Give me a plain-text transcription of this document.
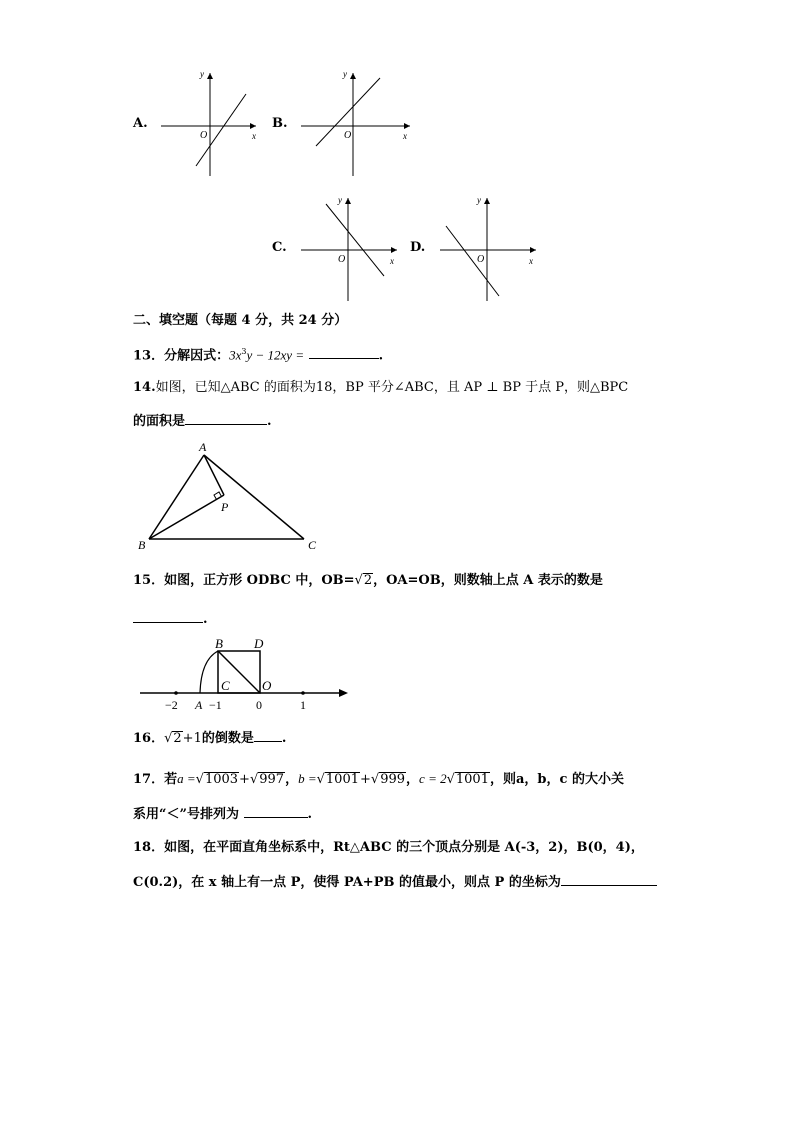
A.
O	x
y
B.
O	x
y
C.
O	x
y
D.
O	x
y
二、填空题（每题 4 分，共 24 分）
13．分解因式：$3x^3y - 12xy$ =	.
14.如图，已知△ABC 的面积为18，BP 平分∠ABC，且 AP ⊥ BP 于点 P，则△BPC
的面积是	.
A
B	C
P
15．如图，正方形 ODBC 中，OB=√2，OA=OB，则数轴上点 A 表示的数是
.
B D
C O
−2 A −1	0	1
16．√2+1的倒数是 .
17．若a =√1003+√997，b =√1001+√999，c = 2√1001，则a，b，c 的大小关
系用“＜”号排列为	.
18．如图，在平面直角坐标系中，Rt△ABC 的三个顶点分别是 A(-3，2)，B(0，4)，
C(0.2)，在 x 轴上有一点 P，使得 PA+PB 的值最小，则点 P 的坐标为
